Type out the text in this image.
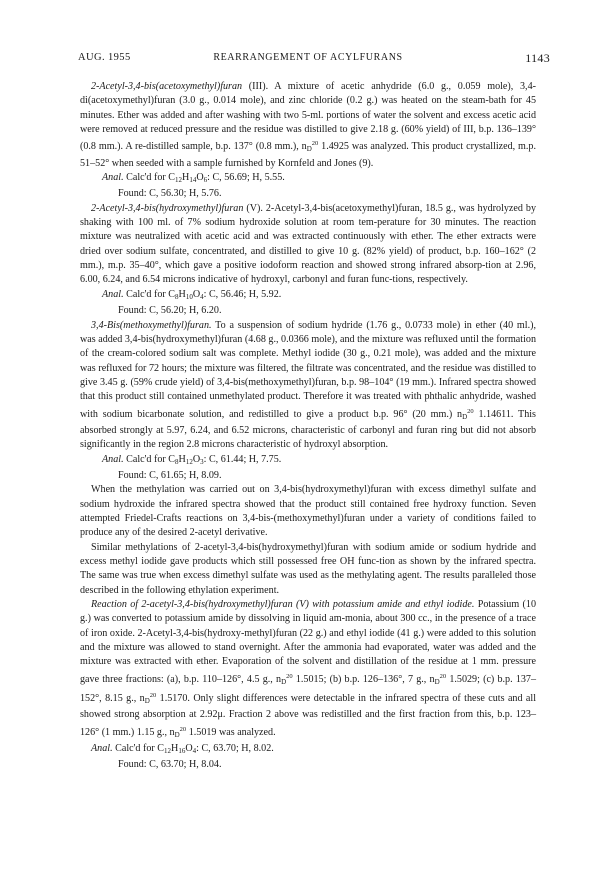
AUG. 1955	REARRANGEMENT OF ACYLFURANS	1143

2-Acetyl-3,4-bis(acetoxymethyl)furan (III). A mixture of acetic anhydride (6.0 g., 0.059 mole), 3,4-di(acetoxymethyl)furan (3.0 g., 0.014 mole), and zinc chloride (0.2 g.) was heated on the steam-bath for 45 minutes. Ether was added and after washing with two 5-ml. portions of water the solvent and excess acetic acid were removed at reduced pressure and the residue was distilled to give 2.18 g. (60% yield) of III, b.p. 136–139° (0.8 mm.). A re-distilled sample, b.p. 137° (0.8 mm.), $n_D^{20}$ 1.4925 was analyzed. This product crystallized, m.p. 51–52° when seeded with a sample furnished by Kornfeld and Jones (9).

Anal. Calc'd for $C_{12}H_{14}O_6$: C, 56.69; H, 5.55.

Found: C, 56.30; H, 5.76.

2-Acetyl-3,4-bis(hydroxymethyl)furan (V). 2-Acetyl-3,4-bis(acetoxymethyl)furan, 18.5 g., was hydrolyzed by shaking with 100 ml. of 7% sodium hydroxide solution at room tem-perature for 30 minutes. The reaction mixture was neutralized with acetic acid and was extracted continuously with ether. The ether extracts were dried over sodium sulfate, concentrated, and distilled to give 10 g. (82% yield) of product, b.p. 160–162° (2 mm.), m.p. 35–40°, which gave a positive iodoform reaction and showed strong infrared absorp-tion at 2.96, 6.00, 6.24, and 6.54 microns indicative of hydroxyl, carbonyl and furan func-tions, respectively.

Anal. Calc'd for $C_8H_{10}O_4$: C, 56.46; H, 5.92.

Found: C, 56.20; H, 6.20.

3,4-Bis(methoxymethyl)furan. To a suspension of sodium hydride (1.76 g., 0.0733 mole) in ether (40 ml.), was added 3,4-bis(hydroxymethyl)furan (4.68 g., 0.0366 mole), and the mixture was refluxed until the formation of the cream-colored sodium salt was complete. Methyl iodide (30 g., 0.21 mole), was added and the mixture was refluxed for 72 hours; the mixture was filtered, the filtrate was concentrated, and the residue was distilled to give 3.45 g. (59% crude yield) of 3,4-bis(methoxymethyl)furan, b.p. 98–104° (19 mm.). Infrared spectra showed that this product still contained unmethylated product. Therefore it was treated with phthalic anhydride, washed with sodium bicarbonate solution, and redistilled to give a product b.p. 96° (20 mm.) $n_D^{20}$ 1.14611. This absorbed strongly at 5.97, 6.24, and 6.52 microns, characteristic of carbonyl and furan ring but did not absorb significantly in the region 2.8 microns characteristic of hydroxyl absorption.

Anal. Calc'd for $C_8H_{12}O_3$: C, 61.44; H, 7.75.

Found: C, 61.65; H, 8.09.

When the methylation was carried out on 3,4-bis(hydroxymethyl)furan with excess dimethyl sulfate and sodium hydroxide the infrared spectra showed that the product still contained free hydroxy function. Seven attempted Friedel-Crafts reactions on 3,4-bis-(methoxymethyl)furan under a variety of conditions failed to produce any of the desired 2-acetyl derivative.

Similar methylations of 2-acetyl-3,4-bis(hydroxymethyl)furan with sodium amide or sodium hydride and excess methyl iodide gave products which still possessed free OH func-tion as shown by the infrared spectra. The same was true when excess dimethyl sulfate was used as the methylating agent. The results paralleled those described in the following ethylation experiment.

Reaction of 2-acetyl-3,4-bis(hydroxymethyl)furan (V) with potassium amide and ethyl iodide. Potassium (10 g.) was converted to potassium amide by dissolving in liquid am-monia, about 300 cc., in the presence of a trace of iron oxide. 2-Acetyl-3,4-bis(hydroxy-methyl)furan (22 g.) and ethyl iodide (41 g.) were added to this solution and the mixture was allowed to stand overnight. After the ammonia had evaporated, water was added and the mixture was extracted with ether. Evaporation of the solvent and distillation of the residue at 1 mm. pressure gave three fractions: (a), b.p. 110–126°, 4.5 g., $n_D^{20}$ 1.5015; (b) b.p. 126–136°, 7 g., $n_D^{20}$ 1.5029; (c) b.p. 137–152°, 8.15 g., $n_D^{20}$ 1.5170. Only slight differences were detectable in the infrared spectra of these cuts and all showed strong absorption at 2.92μ. Fraction 2 above was redistilled and the first fraction from this, b.p. 123–126° (1 mm.) 1.15 g., $n_D^{20}$ 1.5019 was analyzed.

Anal. Calc'd for $C_{12}H_{16}O_4$: C, 63.70; H, 8.02.

Found: C, 63.70; H, 8.04.
